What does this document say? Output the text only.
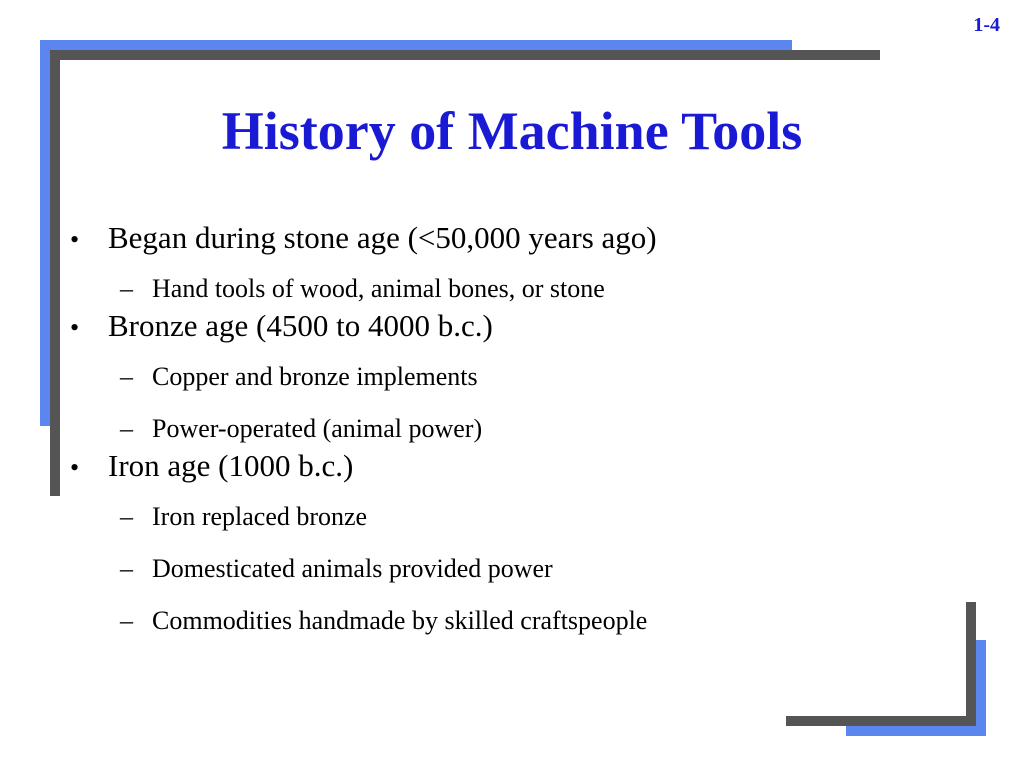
1-4
History of Machine Tools
• Began during stone age (<50,000 years ago)
– Hand tools of wood, animal bones, or stone
• Bronze age (4500 to 4000 b.c.)
– Copper and bronze implements
– Power-operated (animal power)
• Iron age (1000 b.c.)
– Iron replaced bronze
– Domesticated animals provided power
– Commodities handmade by skilled craftspeople
